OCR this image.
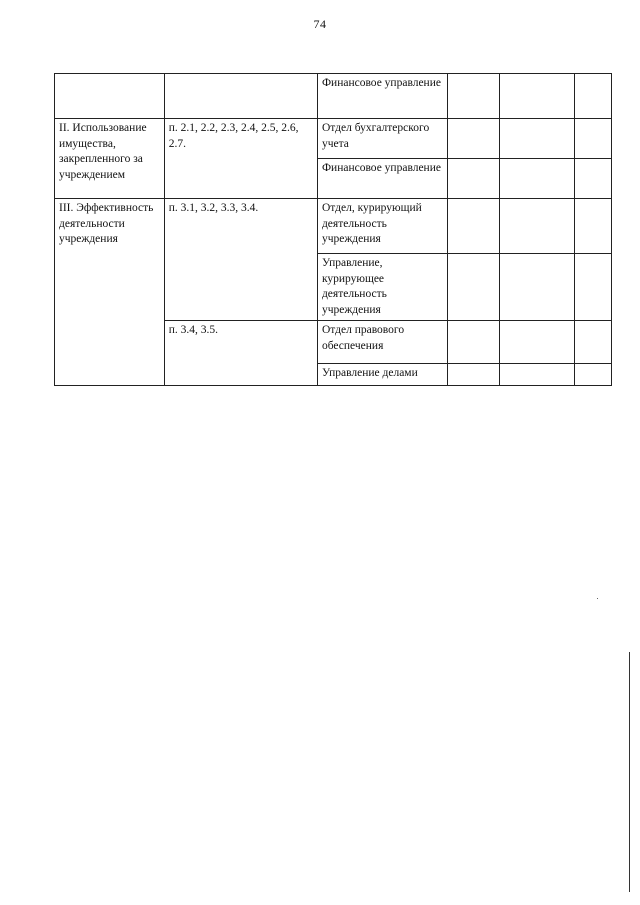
74
		Финансовое управление			
II. Использование имущества, закрепленного за учреждением	п. 2.1, 2.2, 2.3, 2.4, 2.5, 2.6, 2.7.	Отдел бухгалтерского учета			
		Финансовое управление			
III. Эффективность деятельности учреждения	п. 3.1, 3.2, 3.3, 3.4.	Отдел, курирующий деятельность учреждения			
		Управление, курирующее деятельность учреждения			
	п. 3.4, 3.5.	Отдел правового обеспечения			
		Управление делами			
